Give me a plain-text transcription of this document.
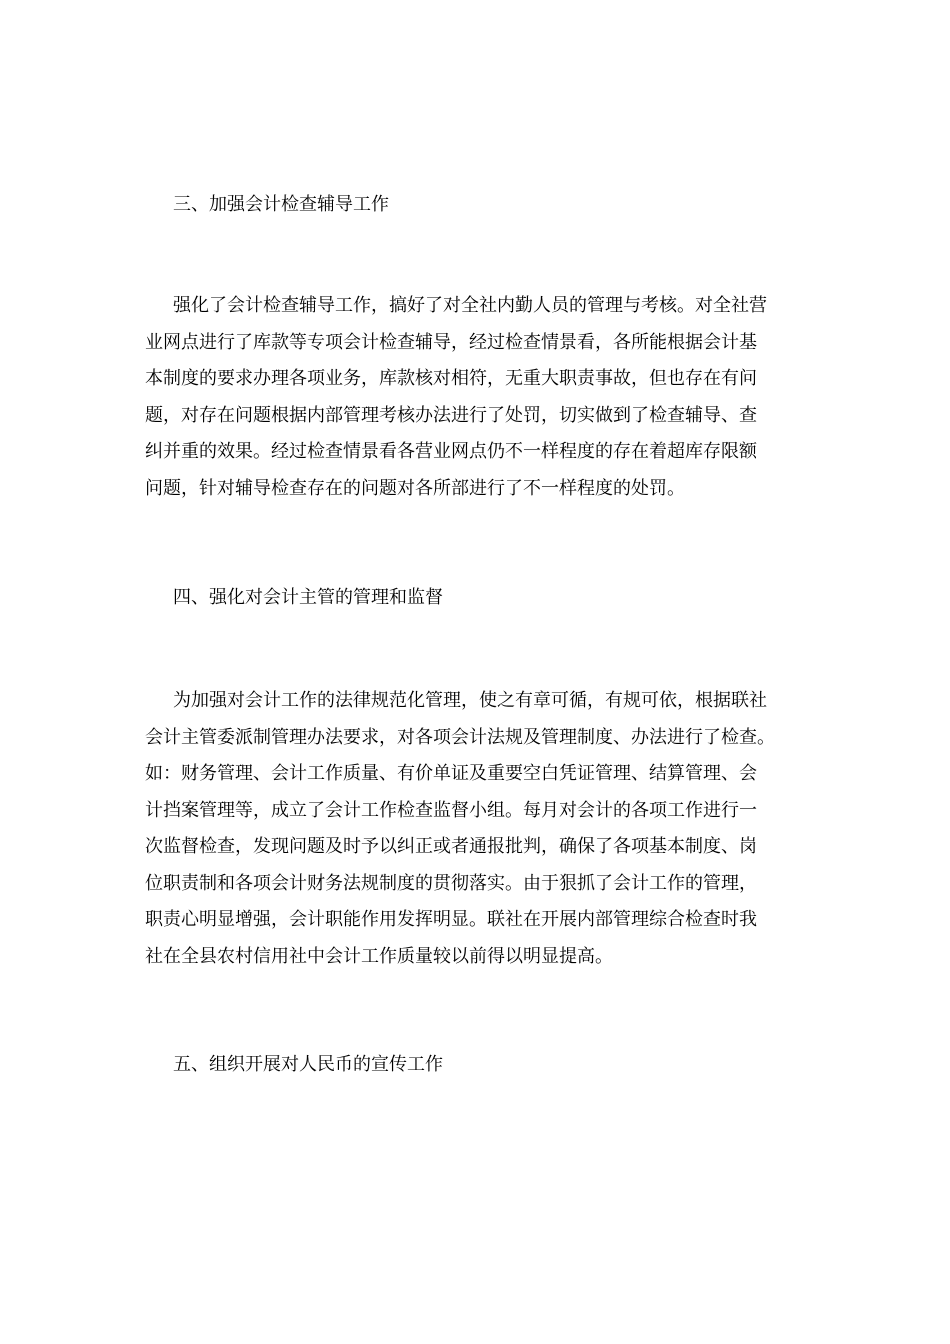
三、加强会计检查辅导工作
强化了会计检查辅导工作，搞好了对全社内勤人员的管理与考核。对全社营
业网点进行了库款等专项会计检查辅导，经过检查情景看，各所能根据会计基
本制度的要求办理各项业务，库款核对相符，无重大职责事故，但也存在有问
题，对存在问题根据内部管理考核办法进行了处罚，切实做到了检查辅导、查
纠并重的效果。经过检查情景看各营业网点仍不一样程度的存在着超库存限额
问题，针对辅导检查存在的问题对各所部进行了不一样程度的处罚。
四、强化对会计主管的管理和监督
为加强对会计工作的法律规范化管理，使之有章可循，有规可依，根据联社
会计主管委派制管理办法要求，对各项会计法规及管理制度、办法进行了检查。
如：财务管理、会计工作质量、有价单证及重要空白凭证管理、结算管理、会
计挡案管理等，成立了会计工作检查监督小组。每月对会计的各项工作进行一
次监督检查，发现问题及时予以纠正或者通报批判，确保了各项基本制度、岗
位职责制和各项会计财务法规制度的贯彻落实。由于狠抓了会计工作的管理，
职责心明显增强，会计职能作用发挥明显。联社在开展内部管理综合检查时我
社在全县农村信用社中会计工作质量较以前得以明显提高。
五、组织开展对人民币的宣传工作
